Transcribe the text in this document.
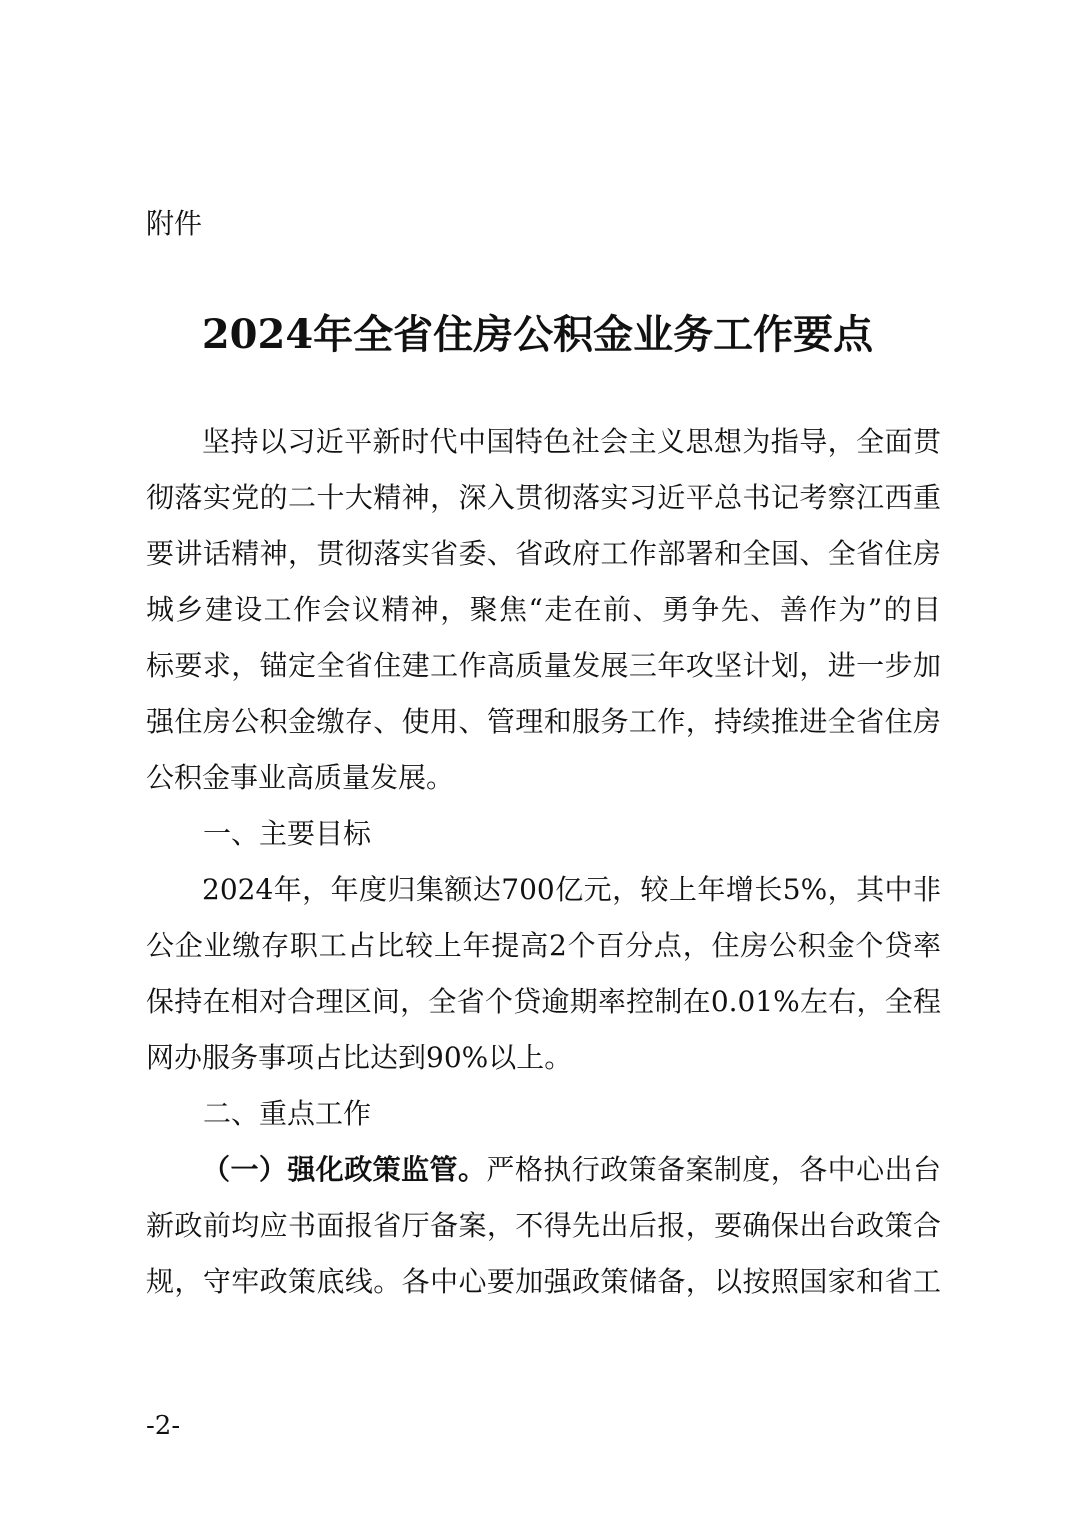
附件
2024年全省住房公积金业务工作要点
坚持以习近平新时代中国特色社会主义思想为指导，全面贯
彻落实党的二十大精神，深入贯彻落实习近平总书记考察江西重
要讲话精神，贯彻落实省委、省政府工作部署和全国、全省住房
城乡建设工作会议精神，聚焦“走在前、勇争先、善作为”的目
标要求，锚定全省住建工作高质量发展三年攻坚计划，进一步加
强住房公积金缴存、使用、管理和服务工作，持续推进全省住房
公积金事业高质量发展。
一、主要目标
2024年，年度归集额达700亿元，较上年增长5%，其中非
公企业缴存职工占比较上年提高2个百分点，住房公积金个贷率
保持在相对合理区间，全省个贷逾期率控制在0.01%左右，全程
网办服务事项占比达到90%以上。
二、重点工作
（一）强化政策监管。严格执行政策备案制度，各中心出台
新政前均应书面报省厅备案，不得先出后报，要确保出台政策合
规，守牢政策底线。各中心要加强政策储备，以按照国家和省工
-2-
